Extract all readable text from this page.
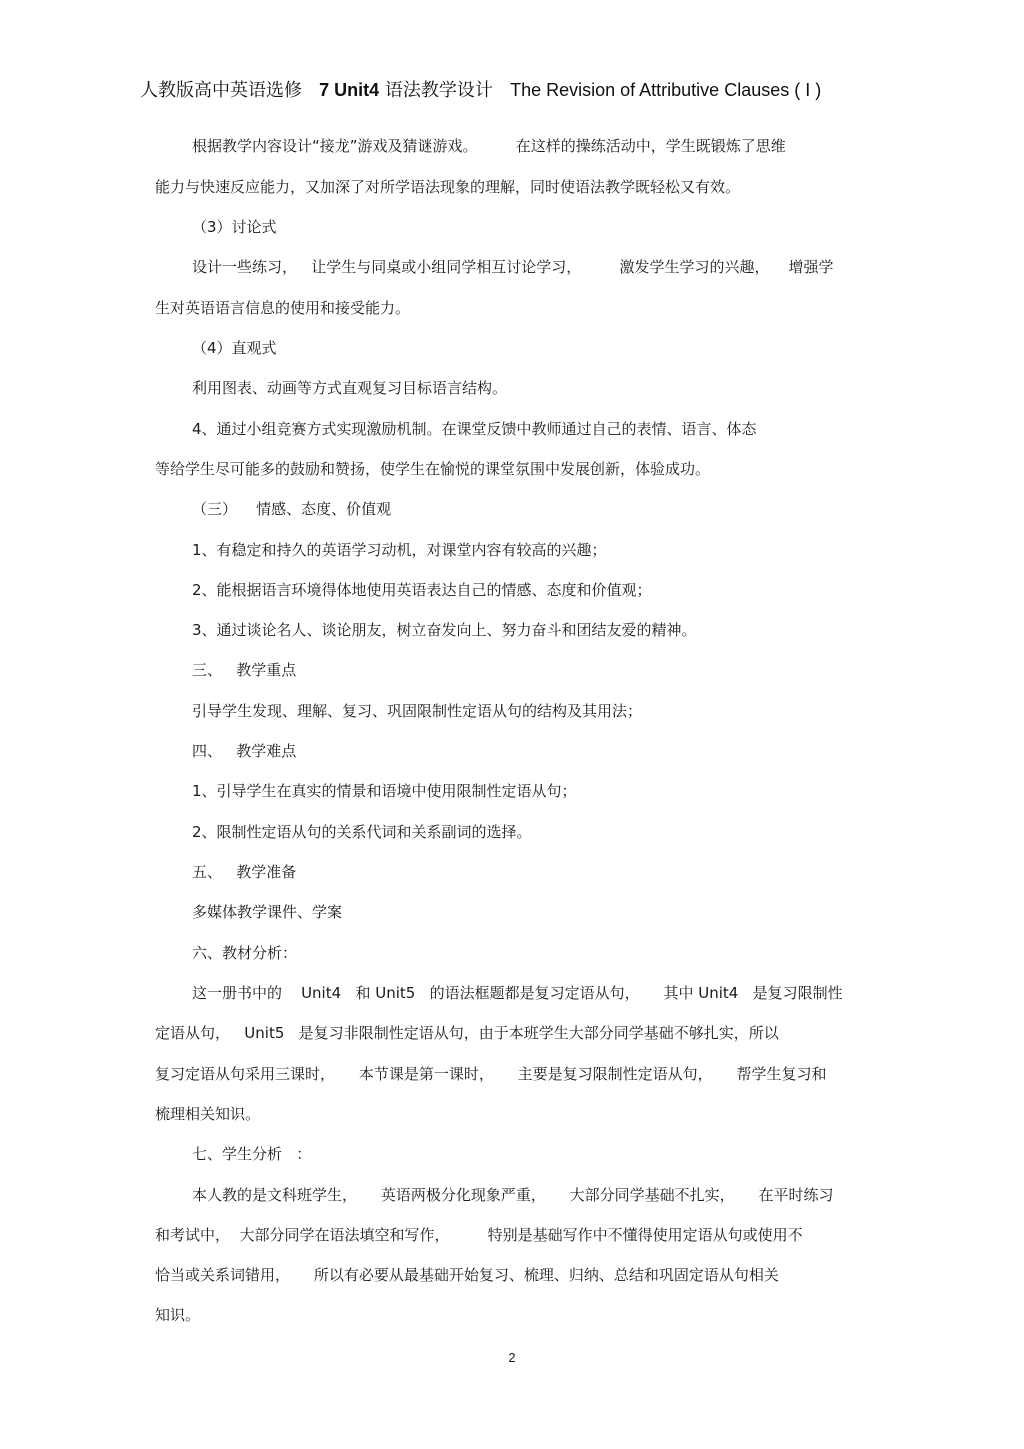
人教版高中英语选修 7 Unit4 语法教学设计 The Revision of Attributive Clauses ( I )
根据教学内容设计“接龙”游戏及猜谜游戏。        在这样的操练活动中，学生既锻炼了思维
能力与快速反应能力，又加深了对所学语法现象的理解，同时使语法教学既轻松又有效。
（3）讨论式
设计一些练习，   让学生与同桌或小组同学相互讨论学习，        激发学生学习的兴趣，    增强学
生对英语语言信息的使用和接受能力。
（4）直观式
利用图表、动画等方式直观复习目标语言结构。
4、通过小组竞赛方式实现激励机制。在课堂反馈中教师通过自己的表情、语言、体态
等给学生尽可能多的鼓励和赞扬，使学生在愉悦的课堂氛围中发展创新，体验成功。
（三）    情感、态度、价值观
1、有稳定和持久的英语学习动机，对课堂内容有较高的兴趣；
2、能根据语言环境得体地使用英语表达自己的情感、态度和价值观；
3、通过谈论名人、谈论朋友，树立奋发向上、努力奋斗和团结友爱的精神。
三、   教学重点
引导学生发现、理解、复习、巩固限制性定语从句的结构及其用法；
四、   教学难点
1、引导学生在真实的情景和语境中使用限制性定语从句；
2、限制性定语从句的关系代词和关系副词的选择。
五、   教学准备
多媒体教学课件、学案
六、教材分析：
这一册书中的    Unit4   和 Unit5   的语法框题都是复习定语从句，     其中 Unit4   是复习限制性
定语从句，   Unit5   是复习非限制性定语从句，由于本班学生大部分同学基础不够扎实，所以
复习定语从句采用三课时，     本节课是第一课时，     主要是复习限制性定语从句，     帮学生复习和
梳理相关知识。
七、学生分析   ：
本人教的是文科班学生，     英语两极分化现象严重，     大部分同学基础不扎实，     在平时练习
和考试中，  大部分同学在语法填空和写作，        特别是基础写作中不懂得使用定语从句或使用不
恰当或关系词错用，     所以有必要从最基础开始复习、梳理、归纳、总结和巩固定语从句相关
知识。
2
